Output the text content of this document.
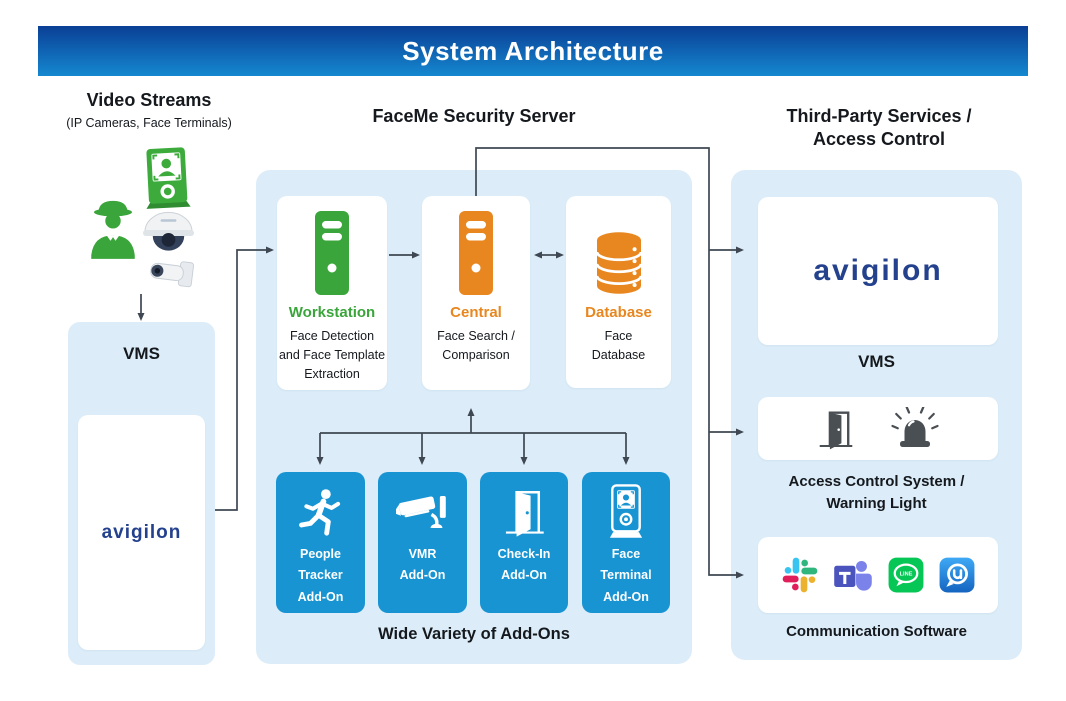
System Architecture
Video Streams
(IP Cameras, Face Terminals)
VMS
avigilon
FaceMe Security Server
Workstation
Face Detection
and Face Template
Extraction
Central
Face Search /
Comparison
Database
Face
Database
People
Tracker
Add-On
VMR
Add-On
Check-In
Add-On
Face
Terminal
Add-On
Wide Variety of Add-Ons
Third-Party Services /
Access Control
avigilon
VMS
Access Control System /
Warning Light
LINE
Communication Software
